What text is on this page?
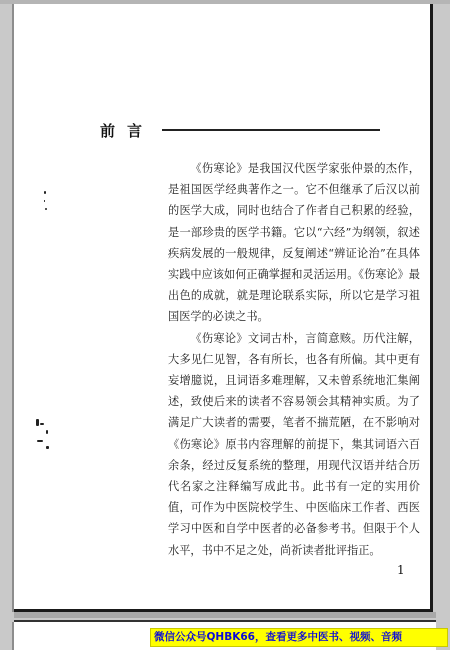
前言

《伤寒论》是我国汉代医学家张仲景的杰作，是祖国医学经典著作之一。它不但继承了后汉以前的医学大成，同时也结合了作者自己积累的经验，是一部珍贵的医学书籍。它以“六经”为纲领，叙述疾病发展的一般规律，反复阐述“辨证论治”在具体实践中应该如何正确掌握和灵活运用。《伤寒论》最出色的成就，就是理论联系实际，所以它是学习祖国医学的必读之书。

《伤寒论》文词古朴，言简意赅。历代注解，大多见仁见智，各有所长，也各有所偏。其中更有妄增臆说，且词语多难理解，又未曾系统地汇集阐述，致使后来的读者不容易领会其精神实质。为了满足广大读者的需要，笔者不揣荒陋，在不影响对《伤寒论》原书内容理解的前提下，集其词语六百余条，经过反复系统的整理，用现代汉语并结合历代名家之注释编写成此书。此书有一定的实用价值，可作为中医院校学生、中医临床工作者、西医学习中医和自学中医者的必备参考书。但限于个人水平，书中不足之处，尚祈读者批评指正。

1
微信公众号QHBK66，查看更多中医书、视频、音频
